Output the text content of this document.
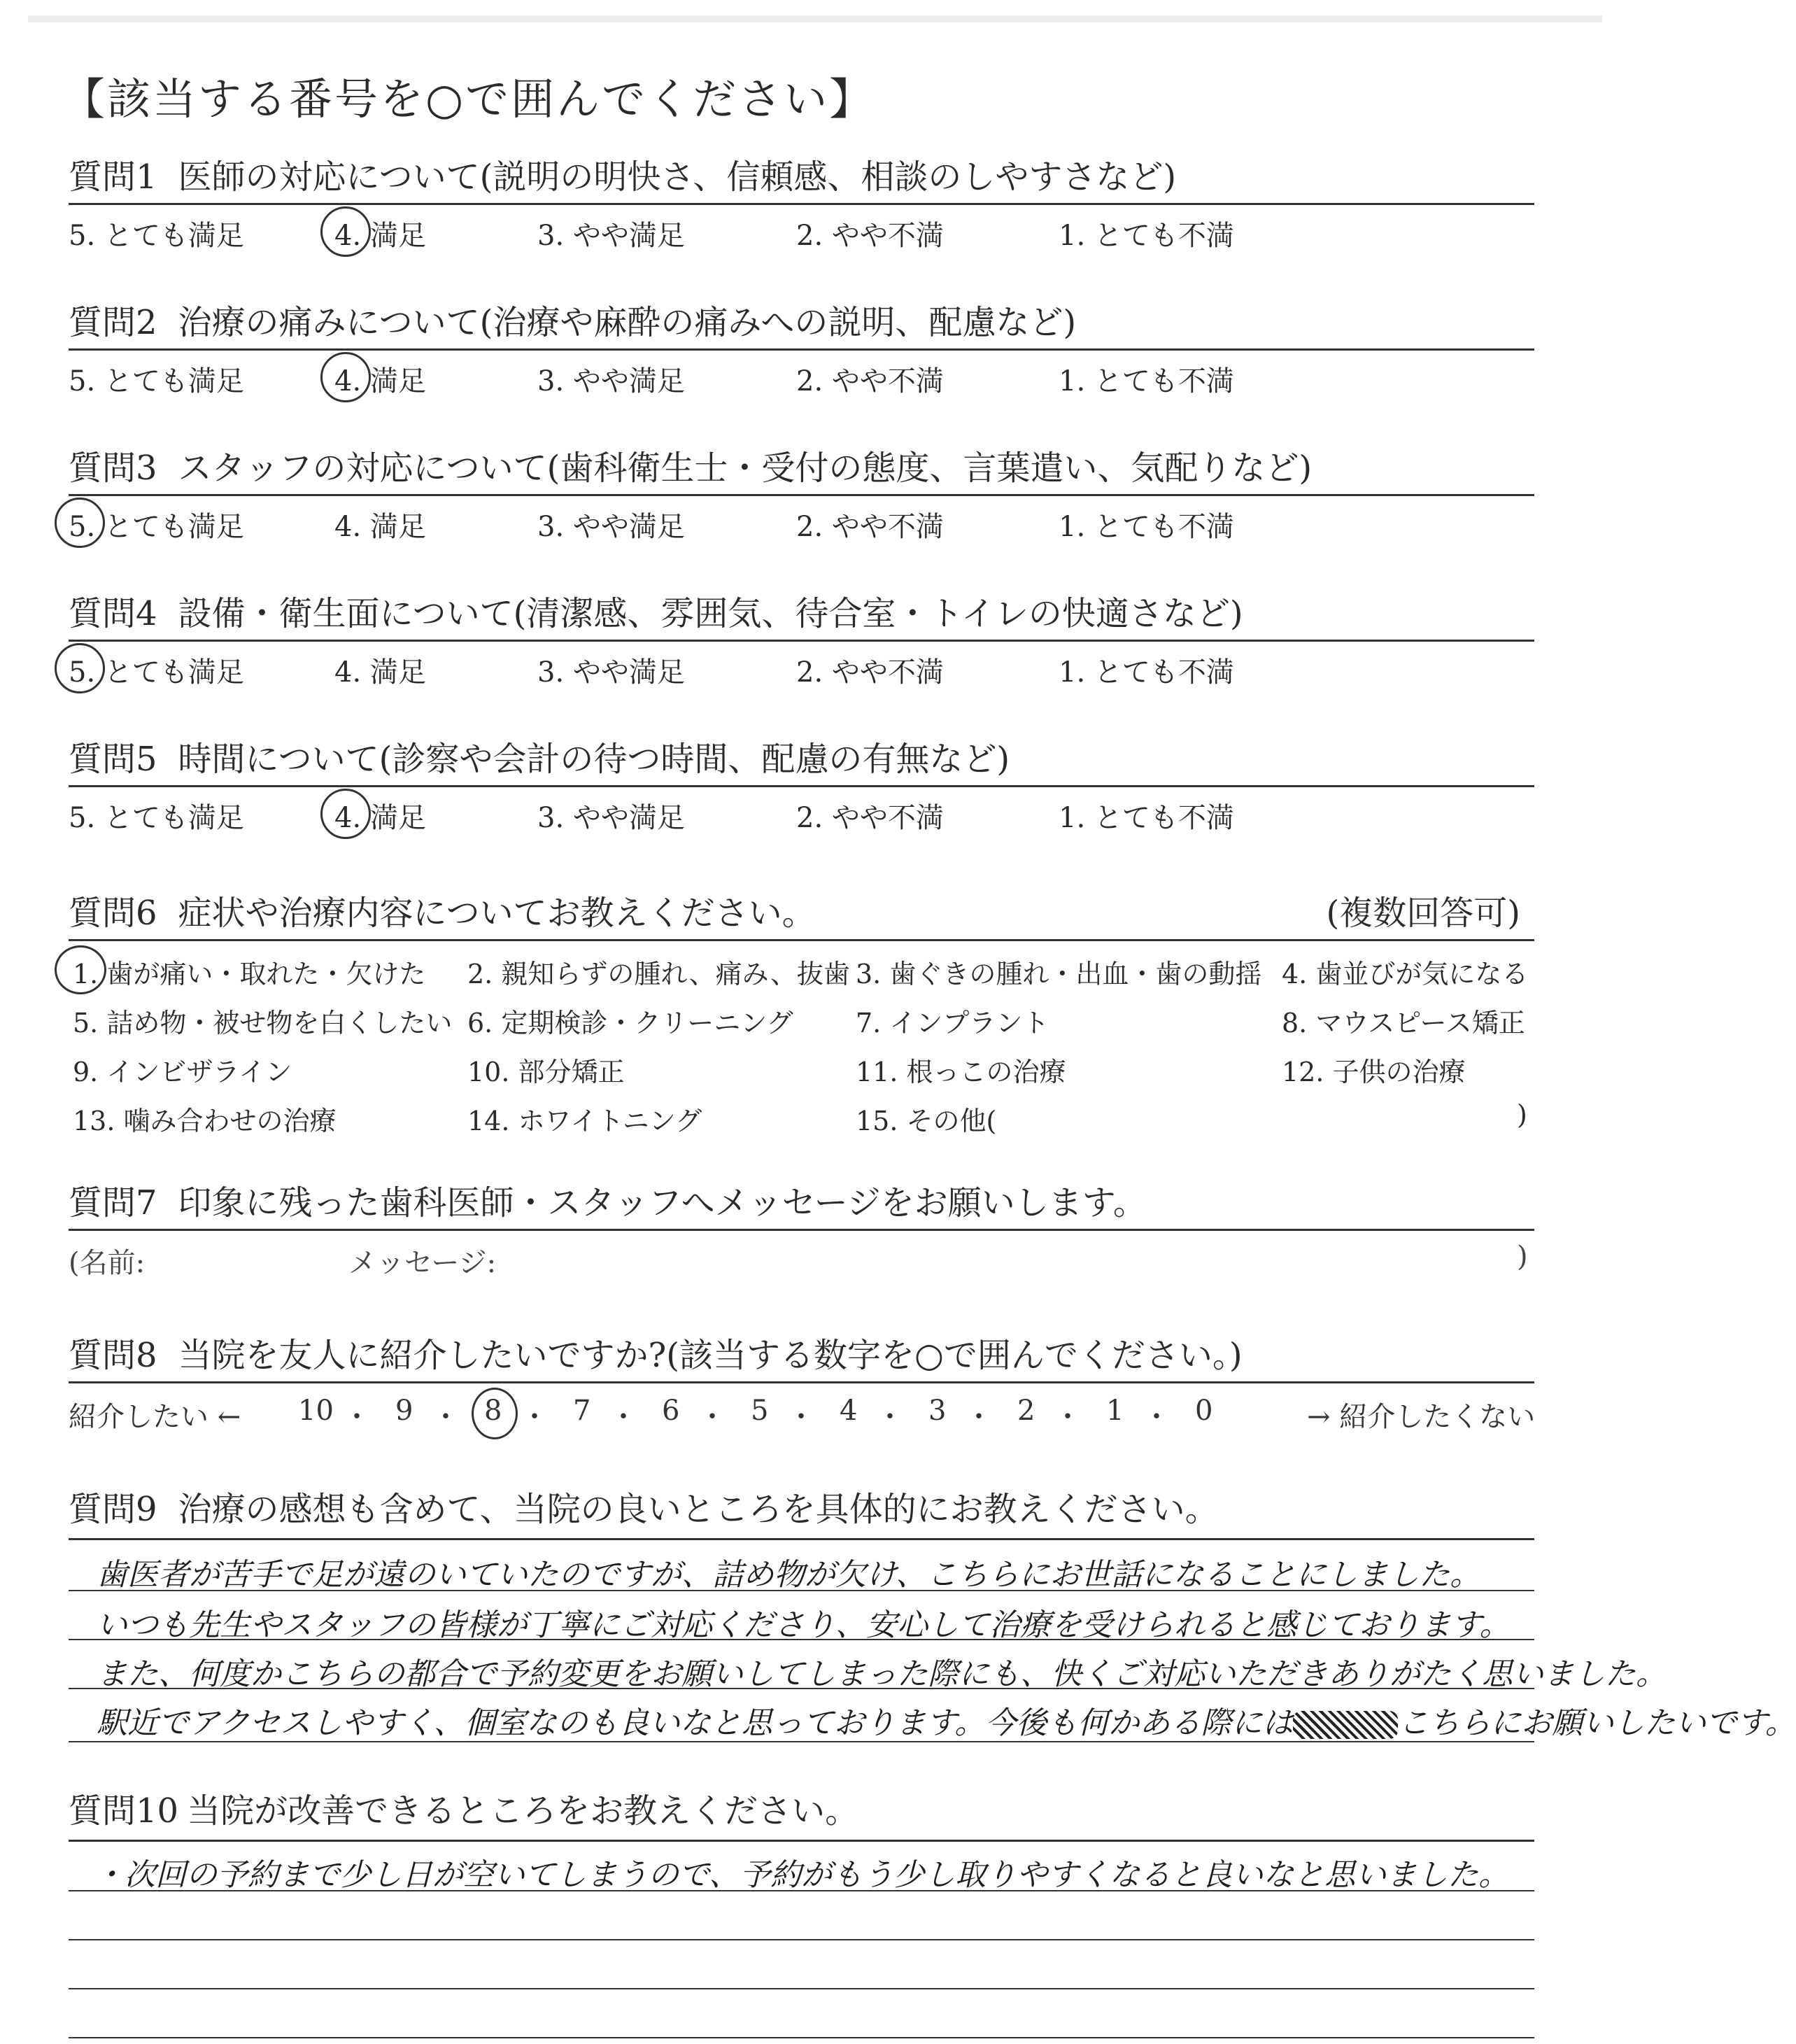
【該当する番号を○で囲んでください】
質問1 医師の対応について(説明の明快さ、信頼感、相談のしやすさなど)
5. とても満足	4. 満足	3. やや満足	2. やや不満	1. とても不満
質問2 治療の痛みについて(治療や麻酔の痛みへの説明、配慮など)
5. とても満足	4. 満足	3. やや満足	2. やや不満	1. とても不満
質問3 スタッフの対応について(歯科衛生士・受付の態度、言葉遣い、気配りなど)
5. とても満足	4. 満足	3. やや満足	2. やや不満	1. とても不満
質問4 設備・衛生面について(清潔感、雰囲気、待合室・トイレの快適さなど)
5. とても満足	4. 満足	3. やや満足	2. やや不満	1. とても不満
質問5 時間について(診察や会計の待つ時間、配慮の有無など)
5. とても満足	4. 満足	3. やや満足	2. やや不満	1. とても不満
質問6 症状や治療内容についてお教えください。	(複数回答可)
1. 歯が痛い・取れた・欠けた 2. 親知らずの腫れ、痛み、抜歯 3. 歯ぐきの腫れ・出血・歯の動揺 4. 歯並びが気になる
5. 詰め物・被せ物を白くしたい 6. 定期検診・クリーニング 7. インプラント	8. マウスピース矯正
9. インビザライン	10. 部分矯正	11. 根っこの治療	12. 子供の治療
13. 噛み合わせの治療	14. ホワイトニング	15. その他(	)
質問7 印象に残った歯科医師・スタッフへメッセージをお願いします。
(名前:	メッセージ:	)
質問8 当院を友人に紹介したいですか?(該当する数字を○で囲んでください。)
紹介したい ←	→ 紹介したくない
10 ・ 9 ・ 8 ・ 7 ・ 6 ・ 5 ・ 4 ・ 3 ・ 2 ・ 1 ・ 0
質問9 治療の感想も含めて、当院の良いところを具体的にお教えください。
歯医者が苦手で足が遠のいていたのですが、詰め物が欠け、こちらにお世話になることにしました。
いつも先生やスタッフの皆様が丁寧にご対応くださり、安心して治療を受けられると感じております。
また、何度かこちらの都合で予約変更をお願いしてしまった際にも、快くご対応いただきありがたく思いました。
駅近でアクセスしやすく、個室なのも良いなと思っております。今後も何かある際には	こちらにお願いしたいです。
質問10 当院が改善できるところをお教えください。
・次回の予約まで少し日が空いてしまうので、予約がもう少し取りやすくなると良いなと思いました。
